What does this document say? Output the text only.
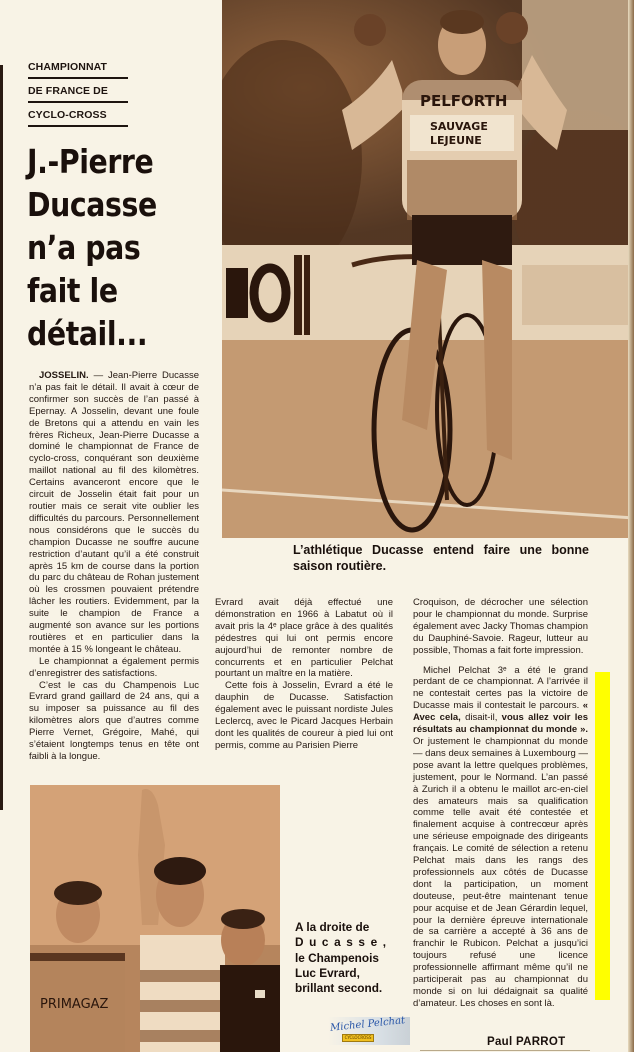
CHAMPIONNAT
DE FRANCE DE
CYCLO-CROSS
J.-Pierre
Ducasse
n’a pas
fait le
détail...
PELFORTH
SAUVAGE
LEJEUNE
L’athlétique Ducasse entend faire une bonne saison routière.

JOSSELIN. — Jean-Pierre Ducasse n’a pas fait le détail. Il avait à cœur de confirmer son succès de l’an passé à Epernay. A Josselin, devant une foule de Bretons qui a attendu en vain les frères Richeux, Jean-Pierre Ducasse a dominé le championnat de France de cyclo-cross, conquérant son deuxième maillot national au fil des kilomètres. Certains avanceront encore que le circuit de Josselin était fait pour un routier mais ce serait vite oublier les difficultés du parcours. Personnellement nous considérons que le succès du champion Ducasse ne souffre aucune restriction d’autant qu’il a été construit après 15 km de course dans la portion du parc du château de Rohan justement où les crossmen pouvaient prétendre lâcher les routiers. Evidemment, par la suite le champion de France a augmenté son avance sur les portions routières et en particulier dans la montée à 15 % longeant le château.

Le championnat a également permis d’enregistrer des satisfactions.

C’est le cas du Champenois Luc Evrard grand gaillard de 24 ans, qui a su imposer sa puissance au fil des kilomètres alors que d’autres comme Pierre Vernet, Grégoire, Mahé, qui s’étaient longtemps tenus en tête ont faibli à la longue.

Evrard avait déjà effectué une démonstration en 1966 à Labatut où il avait pris la 4ᵉ place grâce à des qualités pédestres qui lui ont permis encore aujourd’hui de remonter nombre de concurrents et en particulier Pelchat pourtant un maître en la matière.

Cette fois à Josselin, Evrard a été le dauphin de Ducasse. Satisfaction également avec le puissant nordiste Jules Leclercq, avec le Picard Jacques Herbain dont les qualités de coureur à pied lui ont permis, comme au Parisien Pierre

Croquison, de décrocher une sélection pour le championnat du monde. Surprise également avec Jacky Thomas champion du Dauphiné-Savoie. Rageur, lutteur au possible, Thomas a fait forte impression.

Michel Pelchat 3ᵉ a été le grand perdant de ce championnat. A l’arrivée il ne contestait certes pas la victoire de Ducasse mais il contestait le parcours. « Avec cela, disait-il, vous allez voir les résultats au championnat du monde ». Or justement le championnat du monde — dans deux semaines à Luxembourg — pose avant la lettre quelques problèmes, justement, pour le Normand. L’an passé à Zurich il a obtenu le maillot arc-en-ciel des amateurs mais sa qualification comme telle avait été contestée et finalement acquise à contrecœur après une sérieuse empoignade des dirigeants français. Le comité de sélection a retenu Pelchat mais dans les rangs des professionnels aux côtés de Ducasse dont la participation, un moment douteuse, peut-être maintenant tenue pour acquise et de Jean Gérardin lequel, pour la dernière épreuve internationale de sa carrière a accepté à 36 ans de franchir le Rubicon. Pelchat a jusqu’ici toujours refusé une licence professionnelle affirmant même qu’il ne participerait pas au championnat du monde si on lui dédaignait sa qualité d’amateur. Les choses en sont là.

PRIMAGAZ
A la droite de
Ducasse,
le Champenois Luc Evrard, brillant second.
Michel Pelchat
CYCLOCROSS	Paul PARROT
